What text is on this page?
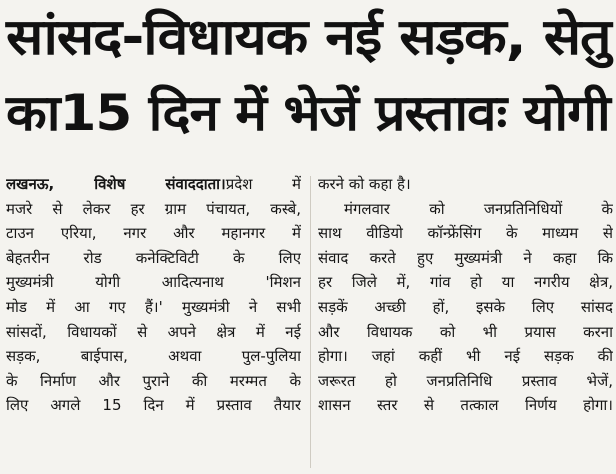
सांसद-विधायक नई सड़क, सेतु
का15 दिन में भेजें प्रस्तावः योगी
लखनऊ, विशेष संवाददाता।प्रदेश में
मजरे से लेकर हर ग्राम पंचायत, कस्बे,
टाउन एरिया, नगर और महानगर में
बेहतरीन रोड कनेक्टिविटी के लिए
मुख्यमंत्री योगी आदित्यनाथ 'मिशन
मोड में आ गए हैं।' मुख्यमंत्री ने सभी
सांसदों, विधायकों से अपने क्षेत्र में नई
सड़क, बाईपास, अथवा पुल-पुलिया
के निर्माण और पुराने की मरम्मत के
लिए अगले 15 दिन में प्रस्ताव तैयार
करने को कहा है।
मंगलवार को जनप्रतिनिधियों के
साथ वीडियो कॉन्फ्रेंसिंग के माध्यम से
संवाद करते हुए मुख्यमंत्री ने कहा कि
हर जिले में, गांव हो या नगरीय क्षेत्र,
सड़कें अच्छी हों, इसके लिए सांसद
और विधायक को भी प्रयास करना
होगा। जहां कहीं भी नई सड़क की
जरूरत हो जनप्रतिनिधि प्रस्ताव भेजें,
शासन स्तर से तत्काल निर्णय होगा।
